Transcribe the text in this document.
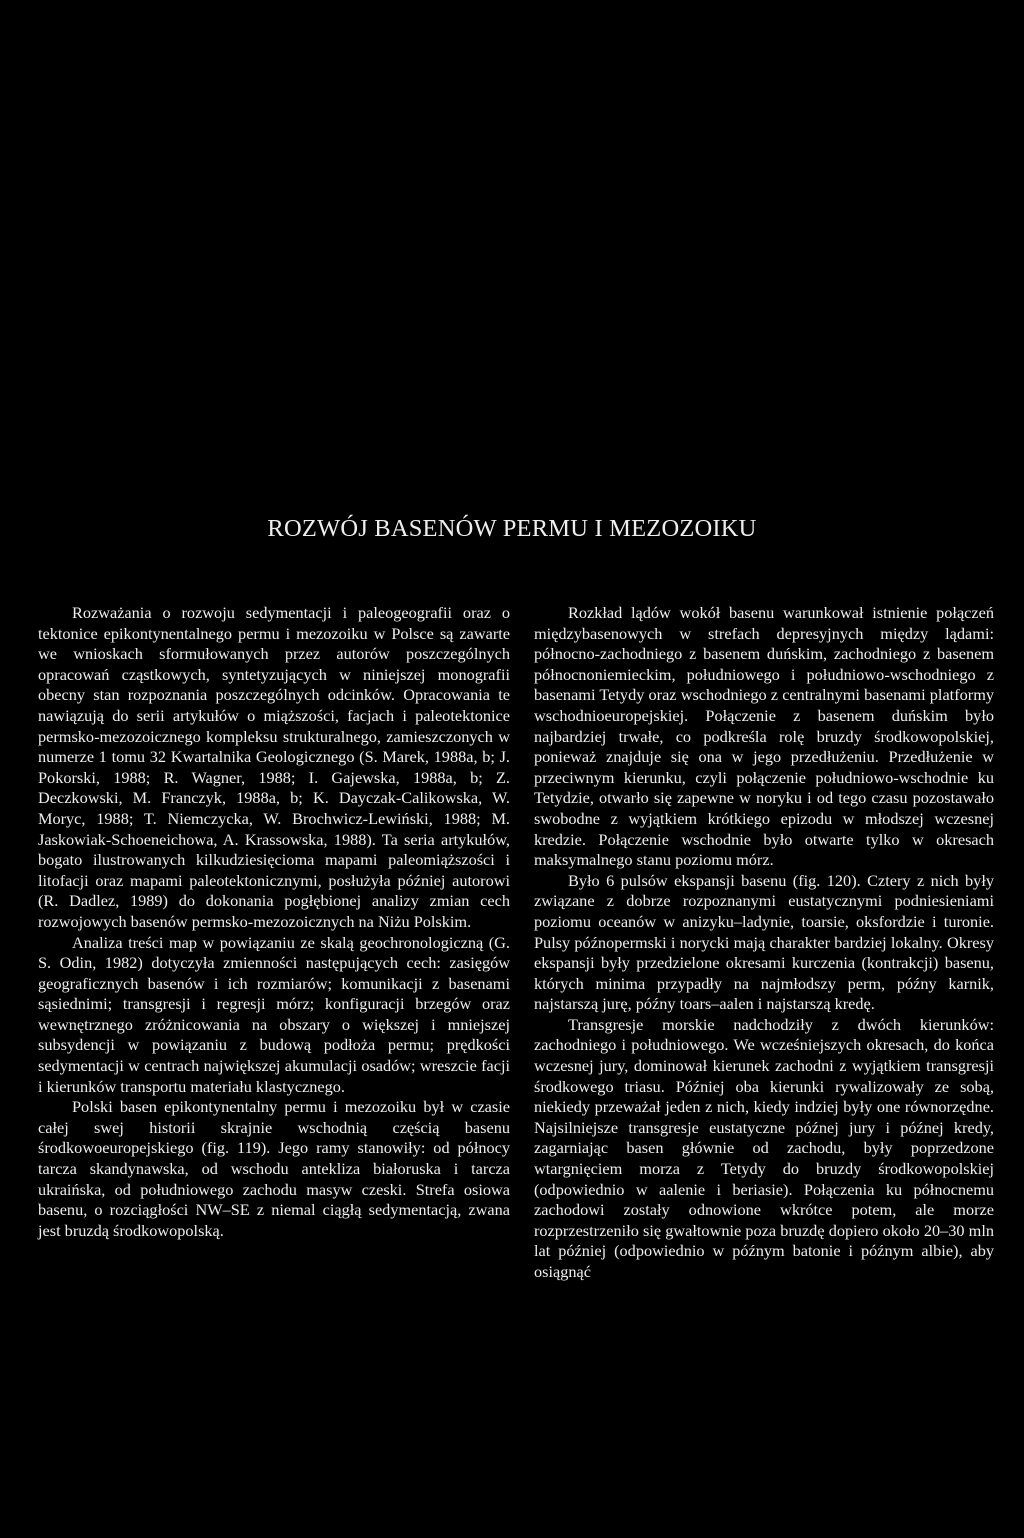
ROZWÓJ BASENÓW PERMU I MEZOZOIKU

Rozważania o rozwoju sedymentacji i paleogeografii oraz o tektonice epikontynentalnego permu i mezozoiku w Polsce są zawarte we wnioskach sformułowanych przez autorów poszczególnych opracowań cząstkowych, syntetyzujących w niniejszej monografii obecny stan rozpoznania poszczególnych odcinków. Opracowania te nawiązują do serii artykułów o miąższości, facjach i paleotektonice permsko-mezozoicznego kompleksu strukturalnego, zamieszczonych w numerze 1 tomu 32 Kwartalnika Geologicznego (S. Marek, 1988a, b; J. Pokorski, 1988; R. Wagner, 1988; I. Gajewska, 1988a, b; Z. Deczkowski, M. Franczyk, 1988a, b; K. Dayczak-Calikowska, W. Moryc, 1988; T. Niemczycka, W. Brochwicz-Lewiński, 1988; M. Jaskowiak-Schoeneichowa, A. Krassowska, 1988). Ta seria artykułów, bogato ilustrowanych kilkudziesięcioma mapami paleomiąższości i litofacji oraz mapami paleotektonicznymi, posłużyła później autorowi (R. Dadlez, 1989) do dokonania pogłębionej analizy zmian cech rozwojowych basenów permsko-mezozoicznych na Niżu Polskim.

Analiza treści map w powiązaniu ze skalą geochronologiczną (G. S. Odin, 1982) dotyczyła zmienności następujących cech: zasięgów geograficznych basenów i ich rozmiarów; komunikacji z basenami sąsiednimi; transgresji i regresji mórz; konfiguracji brzegów oraz wewnętrznego zróżnicowania na obszary o większej i mniejszej subsydencji w powiązaniu z budową podłoża permu; prędkości sedymentacji w centrach największej akumulacji osadów; wreszcie facji i kierunków transportu materiału klastycznego.

Polski basen epikontynentalny permu i mezozoiku był w czasie całej swej historii skrajnie wschodnią częścią basenu środkowoeuropejskiego (fig. 119). Jego ramy stanowiły: od północy tarcza skandynawska, od wschodu antekliza białoruska i tarcza ukraińska, od południowego zachodu masyw czeski. Strefa osiowa basenu, o rozciągłości NW–SE z niemal ciągłą sedymentacją, zwana jest bruzdą środkowopolską.

Rozkład lądów wokół basenu warunkował istnienie połączeń międzybasenowych w strefach depresyjnych między lądami: północno-zachodniego z basenem duńskim, zachodniego z basenem północnoniemieckim, południowego i południowo-wschodniego z basenami Tetydy oraz wschodniego z centralnymi basenami platformy wschodnioeuropejskiej. Połączenie z basenem duńskim było najbardziej trwałe, co podkreśla rolę bruzdy środkowopolskiej, ponieważ znajduje się ona w jego przedłużeniu. Przedłużenie w przeciwnym kierunku, czyli połączenie południowo-wschodnie ku Tetydzie, otwarło się zapewne w noryku i od tego czasu pozostawało swobodne z wyjątkiem krótkiego epizodu w młodszej wczesnej kredzie. Połączenie wschodnie było otwarte tylko w okresach maksymalnego stanu poziomu mórz.

Było 6 pulsów ekspansji basenu (fig. 120). Cztery z nich były związane z dobrze rozpoznanymi eustatycznymi podniesieniami poziomu oceanów w anizyku–ladynie, toarsie, oksfordzie i turonie. Pulsy późnopermski i norycki mają charakter bardziej lokalny. Okresy ekspansji były przedzielone okresami kurczenia (kontrakcji) basenu, których minima przypadły na najmłodszy perm, późny karnik, najstarszą jurę, późny toars–aalen i najstarszą kredę.

Transgresje morskie nadchodziły z dwóch kierunków: zachodniego i południowego. We wcześniejszych okresach, do końca wczesnej jury, dominował kierunek zachodni z wyjątkiem transgresji środkowego triasu. Później oba kierunki rywalizowały ze sobą, niekiedy przeważał jeden z nich, kiedy indziej były one równorzędne. Najsilniejsze transgresje eustatyczne późnej jury i późnej kredy, zagarniając basen głównie od zachodu, były poprzedzone wtargnięciem morza z Tetydy do bruzdy środkowopolskiej (odpowiednio w aalenie i beriasie). Połączenia ku północnemu zachodowi zostały odnowione wkrótce potem, ale morze rozprzestrzeniło się gwałtownie poza bruzdę dopiero około 20–30 mln lat później (odpowiednio w późnym batonie i późnym albie), aby osiągnąć
